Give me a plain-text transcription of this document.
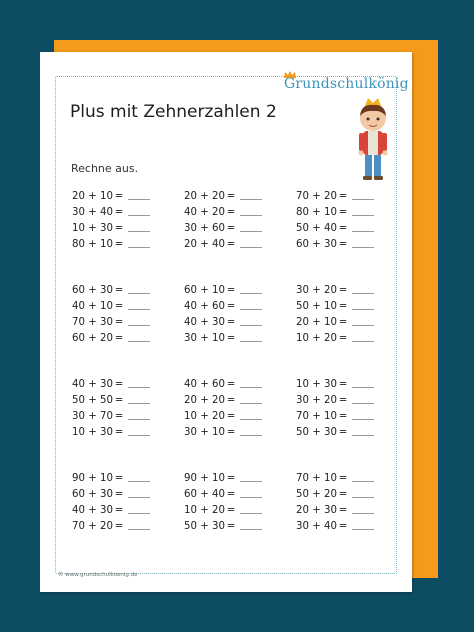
Grundschulkönig
Plus mit Zehnerzahlen 2
Rechne aus.
20 + 10 =
30 + 40 =
10 + 30 =
80 + 10 =
20 + 20 =
40 + 20 =
30 + 60 =
20 + 40 =
70 + 20 =
80 + 10 =
50 + 40 =
60 + 30 =
60 + 30 =
40 + 10 =
70 + 30 =
60 + 20 =
60 + 10 =
40 + 60 =
40 + 30 =
30 + 10 =
30 + 20 =
50 + 10 =
20 + 10 =
10 + 20 =
40 + 30 =
50 + 50 =
30 + 70 =
10 + 30 =
40 + 60 =
20 + 20 =
10 + 20 =
30 + 10 =
10 + 30 =
30 + 20 =
70 + 10 =
50 + 30 =
90 + 10 =
60 + 30 =
40 + 30 =
70 + 20 =
90 + 10 =
60 + 40 =
10 + 20 =
50 + 30 =
70 + 10 =
50 + 20 =
20 + 30 =
30 + 40 =
© www.grundschulkoenig.de
